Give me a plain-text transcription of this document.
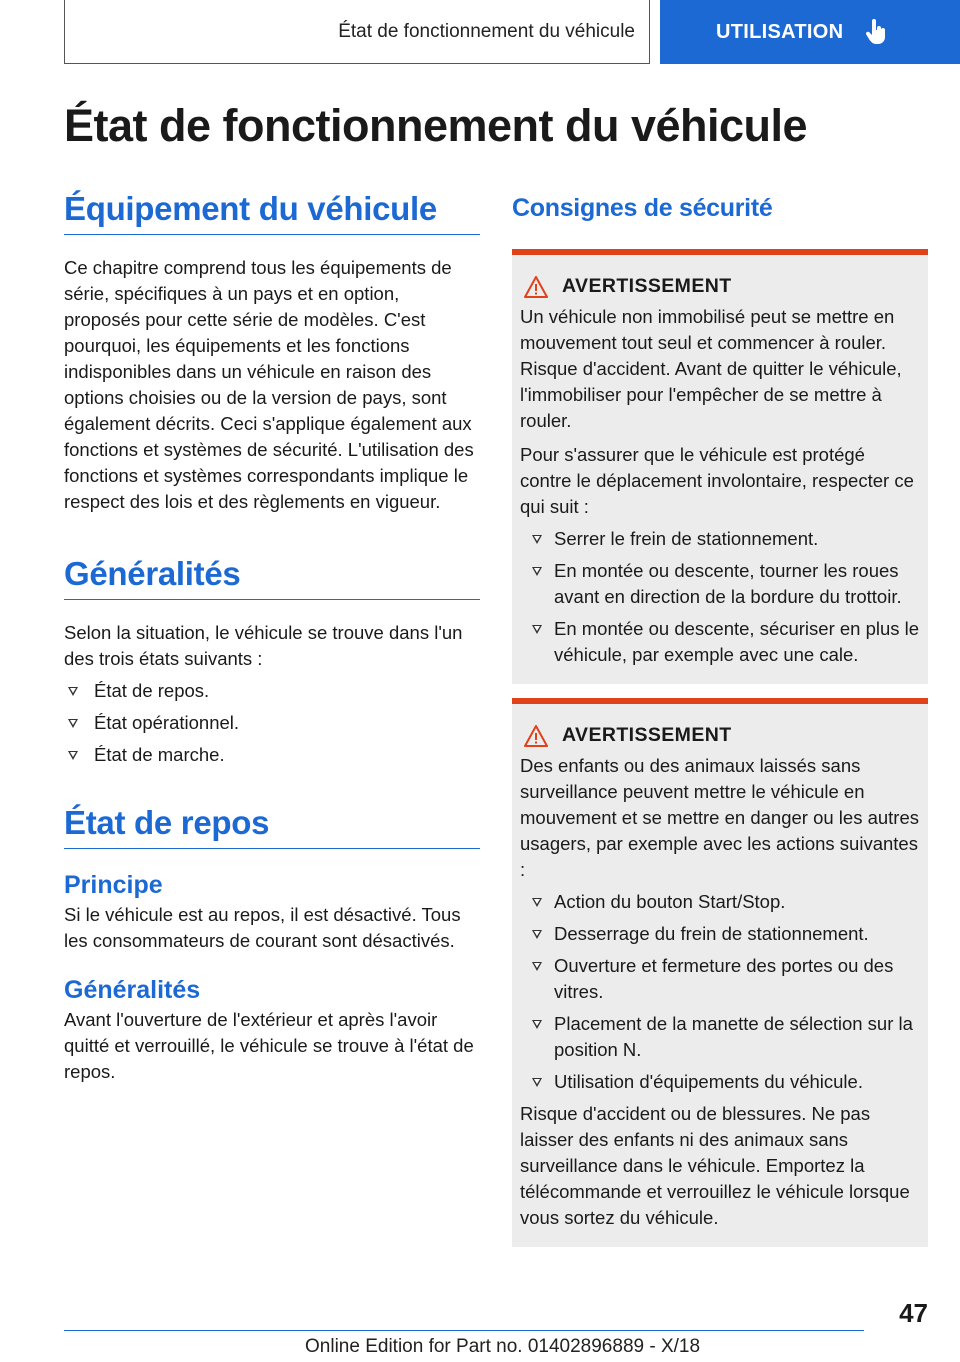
État de fonctionnement du véhicule	UTILISATION
État de fonctionnement du véhicule
Équipement du véhicule

Ce chapitre comprend tous les équipements de série, spécifiques à un pays et en option, proposés pour cette série de modèles. C'est pourquoi, les équipements et les fonctions indisponibles dans un véhicule en raison des options choisies ou de la version de pays, sont également décrits. Ceci s'applique également aux fonctions et systèmes de sécurité. L'utilisation des fonctions et systèmes correspondants implique le respect des lois et des règlements en vigueur.

Généralités

Selon la situation, le véhicule se trouve dans l'un des trois états suivants :

État de repos.
État opérationnel.
État de marche.
État de repos
Principe

Si le véhicule est au repos, il est désactivé. Tous les consommateurs de courant sont désactivés.

Généralités

Avant l'ouverture de l'extérieur et après l'avoir quitté et verrouillé, le véhicule se trouve à l'état de repos.

Consignes de sécurité
AVERTISSEMENT

Un véhicule non immobilisé peut se mettre en mouvement tout seul et commencer à rouler. Risque d'accident. Avant de quitter le véhicule, l'immobiliser pour l'empêcher de se mettre à rouler.

Pour s'assurer que le véhicule est protégé contre le déplacement involontaire, respecter ce qui suit :

Serrer le frein de stationnement.
En montée ou descente, tourner les roues avant en direction de la bordure du trottoir.
En montée ou descente, sécuriser en plus le véhicule, par exemple avec une cale.
AVERTISSEMENT

Des enfants ou des animaux laissés sans surveillance peuvent mettre le véhicule en mouvement et se mettre en danger ou les autres usagers, par exemple avec les actions suivantes :

Action du bouton Start/Stop.
Desserrage du frein de stationnement.
Ouverture et fermeture des portes ou des vitres.
Placement de la manette de sélection sur la position N.
Utilisation d'équipements du véhicule.

Risque d'accident ou de blessures. Ne pas laisser des enfants ni des animaux sans surveillance dans le véhicule. Emportez la télécommande et verrouillez le véhicule lorsque vous sortez du véhicule.

47
Online Edition for Part no. 01402896889 - X/18
